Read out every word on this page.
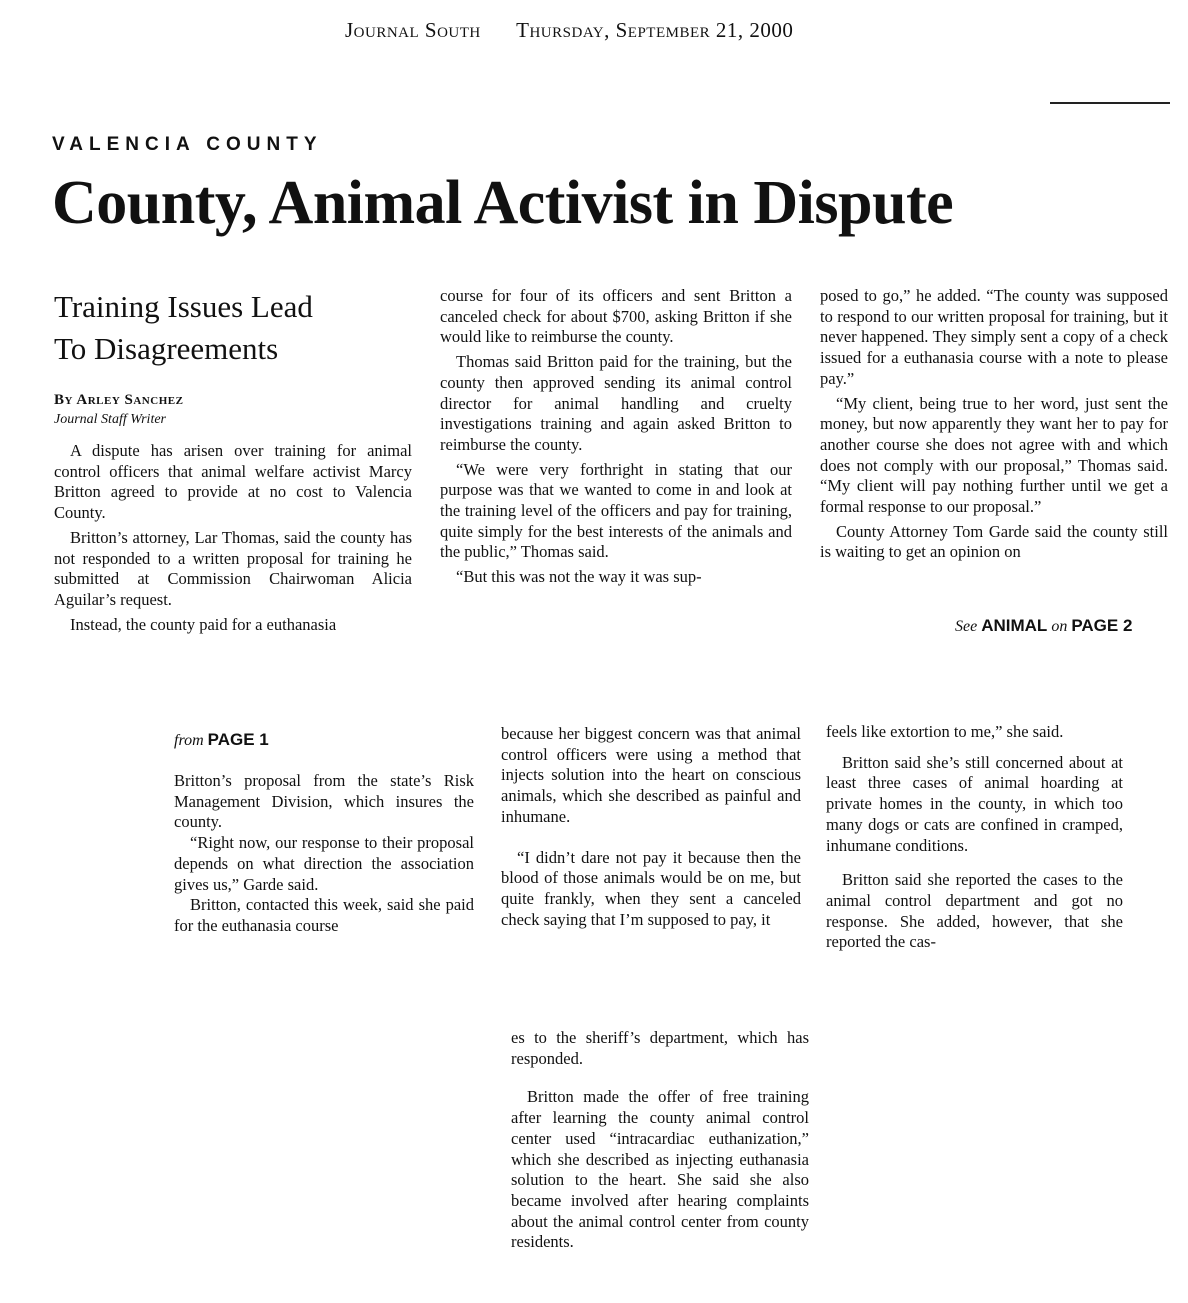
Journal South Thursday, September 21, 2000
VALENCIA COUNTY
County, Animal Activist in Dispute
Training Issues Lead
To Disagreements
By Arley Sanchez
Journal Staff Writer

A dispute has arisen over training for animal control officers that animal welfare activist Marcy Britton agreed to provide at no cost to Valencia County.

Britton’s attorney, Lar Thomas, said the county has not responded to a written proposal for training he submitted at Commission Chairwoman Alicia Aguilar’s request.

Instead, the county paid for a euthanasia

course for four of its officers and sent Britton a canceled check for about $700, asking Britton if she would like to reimburse the county.

Thomas said Britton paid for the training, but the county then approved sending its animal control director for animal handling and cruelty investigations training and again asked Britton to reimburse the county.

“We were very forthright in stating that our purpose was that we wanted to come in and look at the training level of the officers and pay for training, quite simply for the best interests of the animals and the public,” Thomas said.

“But this was not the way it was sup-

posed to go,” he added. “The county was supposed to respond to our written proposal for training, but it never happened. They simply sent a copy of a check issued for a euthanasia course with a note to please pay.”

“My client, being true to her word, just sent the money, but now apparently they want her to pay for another course she does not agree with and which does not comply with our proposal,” Thomas said. “My client will pay nothing further until we get a formal response to our proposal.”

County Attorney Tom Garde said the county still is waiting to get an opinion on

See ANIMAL on PAGE 2
from PAGE 1

Britton’s proposal from the state’s Risk Management Division, which insures the county.

“Right now, our response to their proposal depends on what direction the association gives us,” Garde said.

Britton, contacted this week, said she paid for the euthanasia course

because her biggest concern was that animal control officers were using a method that injects solution into the heart on conscious animals, which she described as painful and inhumane.

“I didn’t dare not pay it because then the blood of those animals would be on me, but quite frankly, when they sent a canceled check saying that I’m supposed to pay, it

feels like extortion to me,” she said.

Britton said she’s still concerned about at least three cases of animal hoarding at private homes in the county, in which too many dogs or cats are confined in cramped, inhumane conditions.

Britton said she reported the cases to the animal control department and got no response. She added, however, that she reported the cas-

es to the sheriff’s department, which has responded.

Britton made the offer of free training after learning the county animal control center used “intracardiac euthanization,” which she described as injecting euthanasia solution to the heart. She said she also became involved after hearing complaints about the animal control center from county residents.
